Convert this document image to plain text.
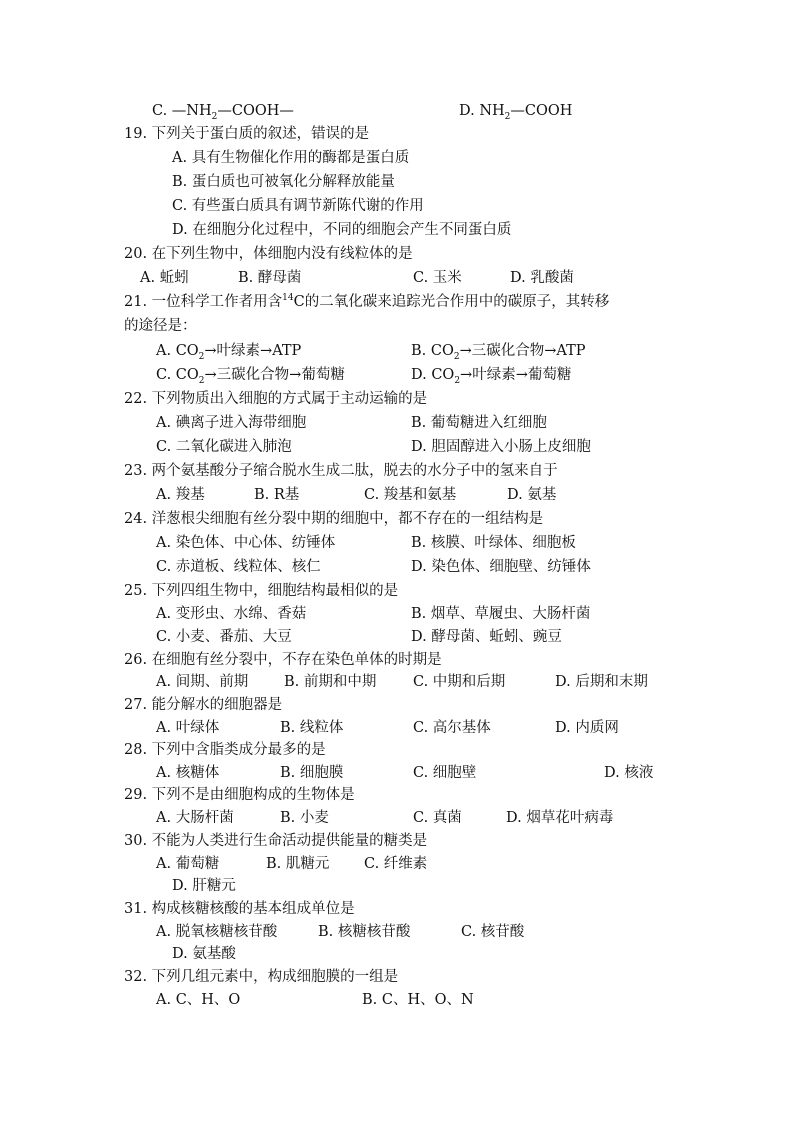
C. $—NH_2—COOH—$	D. $NH_2—COOH$
19. 下列关于蛋白质的叙述，错误的是
A. 具有生物催化作用的酶都是蛋白质
B. 蛋白质也可被氧化分解释放能量
C. 有些蛋白质具有调节新陈代谢的作用
D. 在细胞分化过程中，不同的细胞会产生不同蛋白质
20. 在下列生物中，体细胞内没有线粒体的是
A. 蚯蚓	B. 酵母菌	C. 玉米	D. 乳酸菌
21. 一位科学工作者用含$^{14}$C的二氧化碳来追踪光合作用中的碳原子，其转移
的途径是：
A. $CO_2\to$叶绿素→ATP	B. $CO_2\to$三碳化合物→ATP
C. $CO_2\to$三碳化合物→葡萄糖	D. $CO_2\to$叶绿素→葡萄糖
22. 下列物质出入细胞的方式属于主动运输的是
A. 碘离子进入海带细胞	B. 葡萄糖进入红细胞
C. 二氧化碳进入肺泡	D. 胆固醇进入小肠上皮细胞
23. 两个氨基酸分子缩合脱水生成二肽，脱去的水分子中的氢来自于
A. 羧基	B. R基	C. 羧基和氨基	D. 氨基
24. 洋葱根尖细胞有丝分裂中期的细胞中，都不存在的一组结构是
A. 染色体、中心体、纺锤体	B. 核膜、叶绿体、细胞板
C. 赤道板、线粒体、核仁	D. 染色体、细胞壁、纺锤体
25. 下列四组生物中，细胞结构最相似的是
A. 变形虫、水绵、香菇	B. 烟草、草履虫、大肠杆菌
C. 小麦、番茄、大豆	D. 酵母菌、蚯蚓、豌豆
26. 在细胞有丝分裂中，不存在染色单体的时期是
A. 间期、前期 B. 前期和中期	C. 中期和后期	D. 后期和末期
27. 能分解水的细胞器是
A. 叶绿体	B. 线粒体	C. 高尔基体	D. 内质网
28. 下列中含脂类成分最多的是
A. 核糖体	B. 细胞膜	C. 细胞壁	D. 核液
29. 下列不是由细胞构成的生物体是
A. 大肠杆菌	B. 小麦	C. 真菌	D. 烟草花叶病毒
30. 不能为人类进行生命活动提供能量的糖类是
A. 葡萄糖	B. 肌糖元 C. 纤维素
D. 肝糖元
31. 构成核糖核酸的基本组成单位是
A. 脱氧核糖核苷酸	B. 核糖核苷酸	C. 核苷酸
D. 氨基酸
32. 下列几组元素中，构成细胞膜的一组是
A. C、H、O	B. C、H、O、N
